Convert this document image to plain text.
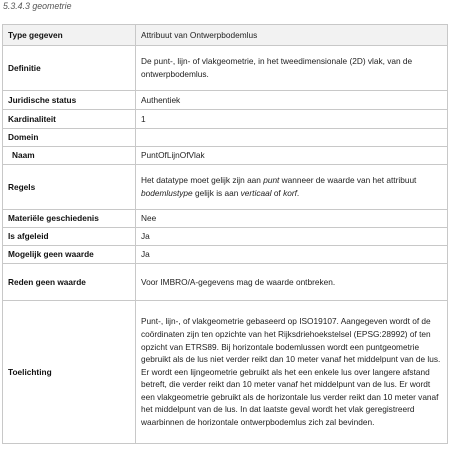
5.3.4.3 geometrie
Type gegeven	Attribuut van Ontwerpbodemlus
Definitie	De punt-, lijn- of vlakgeometrie, in het tweedimensionale (2D) vlak, van de ontwerpbodemlus.
Juridische status	Authentiek
Kardinaliteit	1
Domein	
Naam	PuntOfLijnOfVlak
Regels	Het datatype moet gelijk zijn aan punt wanneer de waarde van het attribuut bodemlustype gelijk is aan verticaal of korf.
Materiële geschiedenis	Nee
Is afgeleid	Ja
Mogelijk geen waarde	Ja
Reden geen waarde	Voor IMBRO/A-gegevens mag de waarde ontbreken.
Toelichting	Punt-, lijn-, of vlakgeometrie gebaseerd op ISO19107. Aangegeven wordt of de coördinaten zijn ten opzichte van het Rijksdriehoekstelsel (EPSG:28992) of ten opzicht van ETRS89. Bij horizontale bodemlussen wordt een puntgeometrie gebruikt als de lus niet verder reikt dan 10 meter vanaf het middelpunt van de lus. Er wordt een lijngeometrie gebruikt als het een enkele lus over langere afstand betreft, die verder reikt dan 10 meter vanaf het middelpunt van de lus. Er wordt een vlakgeometrie gebruikt als de horizontale lus verder reikt dan 10 meter vanaf het middelpunt van de lus. In dat laatste geval wordt het vlak geregistreerd waarbinnen de horizontale ontwerpbodemlus zich zal bevinden.
